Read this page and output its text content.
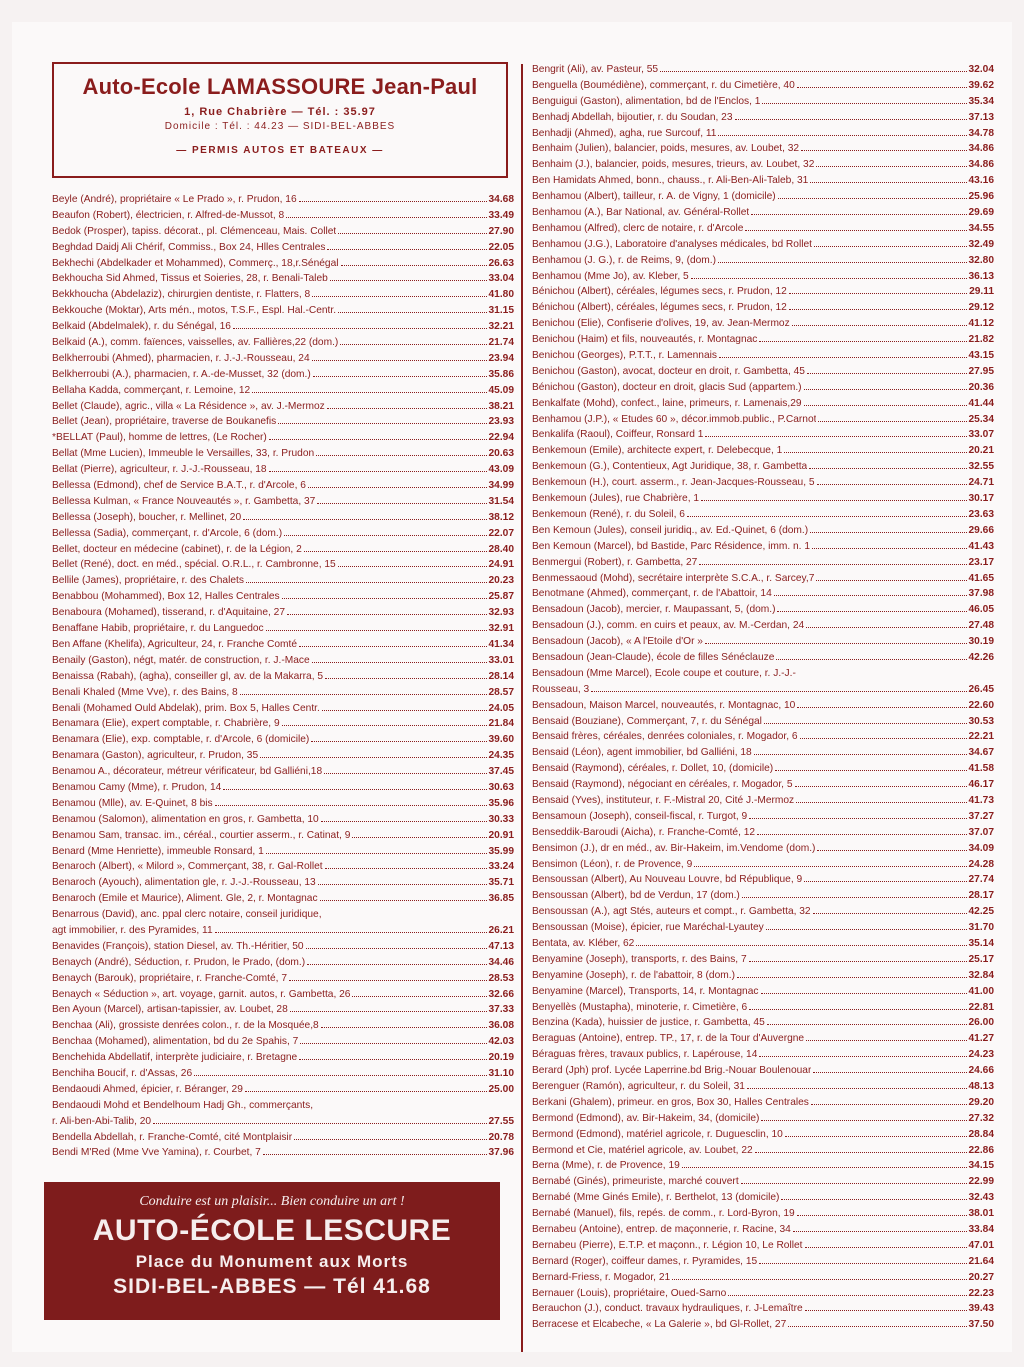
Auto-Ecole LAMASSOURE Jean-Paul
1, Rue Chabrière — Tél. : 35.97
Domicile : Tél. : 44.23 — SIDI-BEL-ABBES
— PERMIS AUTOS ET BATEAUX —
Beyle (André), propriétaire « Le Prado », r. Prudon, 16	34.68
Beaufon (Robert), électricien, r. Alfred-de-Mussot, 8	33.49
Bedok (Prosper), tapiss. décorat., pl. Clémenceau, Mais. Collet	27.90
Beghdad Daidj Ali Chérif, Commiss., Box 24, Hlles Centrales	22.05
Bekhechi (Abdelkader et Mohammed), Commerç., 18,r.Sénégal	26.63
Bekhoucha Sid Ahmed, Tissus et Soieries, 28, r. Benali-Taleb	33.04
Bekkhoucha (Abdelaziz), chirurgien dentiste, r. Flatters, 8	41.80
Bekkouche (Moktar), Arts mén., motos, T.S.F., Espl. Hal.-Centr.	31.15
Belkaid (Abdelmalek), r. du Sénégal, 16	32.21
Belkaid (A.), comm. faïences, vaisselles, av. Fallières,22 (dom.)	21.74
Belkherroubi (Ahmed), pharmacien, r. J.-J.-Rousseau, 24	23.94
Belkherroubi (A.), pharmacien, r. A.-de-Musset, 32 (dom.)	35.86
Bellaha Kadda, commerçant, r. Lemoine, 12	45.09
Bellet (Claude), agric., villa « La Résidence », av. J.-Mermoz	38.21
Bellet (Jean), propriétaire, traverse de Boukanefis	23.93
*BELLAT (Paul), homme de lettres, (Le Rocher)	22.94
Bellat (Mme Lucien), Immeuble le Versailles, 33, r. Prudon	20.63
Bellat (Pierre), agriculteur, r. J.-J.-Rousseau, 18	43.09
Bellessa (Edmond), chef de Service B.A.T., r. d'Arcole, 6	34.99
Bellessa Kulman, « France Nouveautés », r. Gambetta, 37	31.54
Bellessa (Joseph), boucher, r. Mellinet, 20	38.12
Bellessa (Sadia), commerçant, r. d'Arcole, 6 (dom.)	22.07
Bellet, docteur en médecine (cabinet), r. de la Légion, 2	28.40
Bellet (René), doct. en méd., spécial. O.R.L., r. Cambronne, 15	24.91
Bellile (James), propriétaire, r. des Chalets	20.23
Benabbou (Mohammed), Box 12, Halles Centrales	25.87
Benaboura (Mohamed), tisserand, r. d'Aquitaine, 27	32.93
Benaffane Habib, propriétaire, r. du Languedoc	32.91
Ben Affane (Khelifa), Agriculteur, 24, r. Franche Comté	41.34
Benaily (Gaston), négt, matér. de construction, r. J.-Mace	33.01
Benaissa (Rabah), (agha), conseiller gl, av. de la Makarra, 5	28.14
Benali Khaled (Mme Vve), r. des Bains, 8	28.57
Benali (Mohamed Ould Abdelak), prim. Box 5, Halles Centr.	24.05
Benamara (Elie), expert comptable, r. Chabrière, 9	21.84
Benamara (Elie), exp. comptable, r. d'Arcole, 6 (domicile)	39.60
Benamara (Gaston), agriculteur, r. Prudon, 35	24.35
Benamou A., décorateur, métreur vérificateur, bd Galliéni,18	37.45
Benamou Camy (Mme), r. Prudon, 14	30.63
Benamou (Mlle), av. E-Quinet, 8 bis	35.96
Benamou (Salomon), alimentation en gros, r. Gambetta, 10	30.33
Benamou Sam, transac. im., céréal., courtier asserm., r. Catinat, 9	20.91
Benard (Mme Henriette), immeuble Ronsard, 1	35.99
Benaroch (Albert), « Milord », Commerçant, 38, r. Gal-Rollet	33.24
Benaroch (Ayouch), alimentation gle, r. J.-J.-Rousseau, 13	35.71
Benaroch (Emile et Maurice), Aliment. Gle, 2, r. Montagnac	36.85
Benarrous (David), anc. ppal clerc notaire, conseil juridique,
agt immobilier, r. des Pyramides, 11	26.21
Benavides (François), station Diesel, av. Th.-Héritier, 50	47.13
Benaych (André), Séduction, r. Prudon, le Prado, (dom.)	34.46
Benaych (Barouk), propriétaire, r. Franche-Comté, 7	28.53
Benaych « Séduction », art. voyage, garnit. autos, r. Gambetta, 26	32.66
Ben Ayoun (Marcel), artisan-tapissier, av. Loubet, 28	37.33
Benchaa (Ali), grossiste denrées colon., r. de la Mosquée,8	36.08
Benchaa (Mohamed), alimentation, bd du 2e Spahis, 7	42.03
Benchehida Abdellatif, interprète judiciaire, r. Bretagne	20.19
Benchiha Boucif, r. d'Assas, 26	31.10
Bendaoudi Ahmed, épicier, r. Béranger, 29	25.00
Bendaoudi Mohd et Bendelhoum Hadj Gh., commerçants,
r. Ali-ben-Abi-Talib, 20	27.55
Bendella Abdellah, r. Franche-Comté, cité Montplaisir	20.78
Bendi M'Red (Mme Vve Yamina), r. Courbet, 7	37.96
Bengrit (Ali), av. Pasteur, 55	32.04
Benguella (Boumédiène), commerçant, r. du Cimetière, 40	39.62
Benguigui (Gaston), alimentation, bd de l'Enclos, 1	35.34
Benhadj Abdellah, bijoutier, r. du Soudan, 23	37.13
Benhadji (Ahmed), agha, rue Surcouf, 11	34.78
Benhaim (Julien), balancier, poids, mesures, av. Loubet, 32	34.86
Benhaim (J.), balancier, poids, mesures, trieurs, av. Loubet, 32	34.86
Ben Hamidats Ahmed, bonn., chauss., r. Ali-Ben-Ali-Taleb, 31	43.16
Benhamou (Albert), tailleur, r. A. de Vigny, 1 (domicile)	25.96
Benhamou (A.), Bar National, av. Général-Rollet	29.69
Benhamou (Alfred), clerc de notaire, r. d'Arcole	34.55
Benhamou (J.G.), Laboratoire d'analyses médicales, bd Rollet	32.49
Benhamou (J. G.), r. de Reims, 9, (dom.)	32.80
Benhamou (Mme Jo), av. Kleber, 5	36.13
Bénichou (Albert), céréales, légumes secs, r. Prudon, 12	29.11
Bénichou (Albert), céréales, légumes secs, r. Prudon, 12	29.12
Benichou (Elie), Confiserie d'olives, 19, av. Jean-Mermoz	41.12
Benichou (Haim) et fils, nouveautés, r. Montagnac	21.82
Benichou (Georges), P.T.T., r. Lamennais	43.15
Benichou (Gaston), avocat, docteur en droit, r. Gambetta, 45	27.95
Bénichou (Gaston), docteur en droit, glacis Sud (appartem.)	20.36
Benkalfate (Mohd), confect., laine, primeurs, r. Lamenais,29	41.44
Benhamou (J.P.), « Etudes 60 », décor.immob.public., P.Carnot	25.34
Benkalifa (Raoul), Coiffeur, Ronsard 1	33.07
Benkemoun (Emile), architecte expert, r. Delebecque, 1	20.21
Benkemoun (G.), Contentieux, Agt Juridique, 38, r. Gambetta	32.55
Benkemoun (H.), court. asserm., r. Jean-Jacques-Rousseau, 5	24.71
Benkemoun (Jules), rue Chabrière, 1	30.17
Benkemoun (René), r. du Soleil, 6	23.63
Ben Kemoun (Jules), conseil juridiq., av. Ed.-Quinet, 6 (dom.)	29.66
Ben Kemoun (Marcel), bd Bastide, Parc Résidence, imm. n. 1	41.43
Benmergui (Robert), r. Gambetta, 27	23.17
Benmessaoud (Mohd), secrétaire interprète S.C.A., r. Sarcey,7	41.65
Benotmane (Ahmed), commerçant, r. de l'Abattoir, 14	37.98
Bensadoun (Jacob), mercier, r. Maupassant, 5, (dom.)	46.05
Bensadoun (J.), comm. en cuirs et peaux, av. M.-Cerdan, 24	27.48
Bensadoun (Jacob), « A l'Etoile d'Or »	30.19
Bensadoun (Jean-Claude), école de filles Sénéclauze	42.26
Bensadoun (Mme Marcel), Ecole coupe et couture, r. J.-J.-
Rousseau, 3	26.45
Bensadoun, Maison Marcel, nouveautés, r. Montagnac, 10	22.60
Bensaid (Bouziane), Commerçant, 7, r. du Sénégal	30.53
Bensaid frères, céréales, denrées coloniales, r. Mogador, 6	22.21
Bensaid (Léon), agent immobilier, bd Galliéni, 18	34.67
Bensaid (Raymond), céréales, r. Dollet, 10, (domicile)	41.58
Bensaid (Raymond), négociant en céréales, r. Mogador, 5	46.17
Bensaid (Yves), instituteur, r. F.-Mistral 20, Cité J.-Mermoz	41.73
Bensamoun (Joseph), conseil-fiscal, r. Turgot, 9	37.27
Benseddik-Baroudi (Aicha), r. Franche-Comté, 12	37.07
Bensimon (J.), dr en méd., av. Bir-Hakeim, im.Vendome (dom.)	34.09
Bensimon (Léon), r. de Provence, 9	24.28
Bensoussan (Albert), Au Nouveau Louvre, bd République, 9	27.74
Bensoussan (Albert), bd de Verdun, 17 (dom.)	28.17
Bensoussan (A.), agt Stés, auteurs et compt., r. Gambetta, 32	42.25
Bensoussan (Moise), épicier, rue Maréchal-Lyautey	31.70
Bentata, av. Kléber, 62	35.14
Benyamine (Joseph), transports, r. des Bains, 7	25.17
Benyamine (Joseph), r. de l'abattoir, 8 (dom.)	32.84
Benyamine (Marcel), Transports, 14, r. Montagnac	41.00
Benyellès (Mustapha), minoterie, r. Cimetière, 6	22.81
Benzina (Kada), huissier de justice, r. Gambetta, 45	26.00
Beraguas (Antoine), entrep. TP., 17, r. de la Tour d'Auvergne	41.27
Béraguas frères, travaux publics, r. Lapérouse, 14	24.23
Berard (Jph) prof. Lycée Laperrine.bd Brig.-Nouar Boulenouar	24.66
Berenguer (Ramón), agriculteur, r. du Soleil, 31	48.13
Berkani (Ghalem), primeur. en gros, Box 30, Halles Centrales	29.20
Bermond (Edmond), av. Bir-Hakeim, 34, (domicile)	27.32
Bermond (Edmond), matériel agricole, r. Duguesclin, 10	28.84
Bermond et Cie, matériel agricole, av. Loubet, 22	22.86
Berna (Mme), r. de Provence, 19	34.15
Bernabé (Ginés), primeuriste, marché couvert	22.99
Bernabé (Mme Ginés Emile), r. Berthelot, 13 (domicile)	32.43
Bernabé (Manuel), fils, repés. de comm., r. Lord-Byron, 19	38.01
Bernabeu (Antoine), entrep. de maçonnerie, r. Racine, 34	33.84
Bernabeu (Pierre), E.T.P. et maçonn., r. Légion 10, Le Rollet	47.01
Bernard (Roger), coiffeur dames, r. Pyramides, 15	21.64
Bernard-Friess, r. Mogador, 21	20.27
Bernauer (Louis), propriétaire, Oued-Sarno	22.23
Berauchon (J.), conduct. travaux hydrauliques, r. J-Lemaître	39.43
Berracese et Elcabeche, « La Galerie », bd Gl-Rollet, 27	37.50
Conduire est un plaisir... Bien conduire un art !
AUTO-ÉCOLE LESCURE
Place du Monument aux Morts
SIDI-BEL-ABBES — Tél 41.68
